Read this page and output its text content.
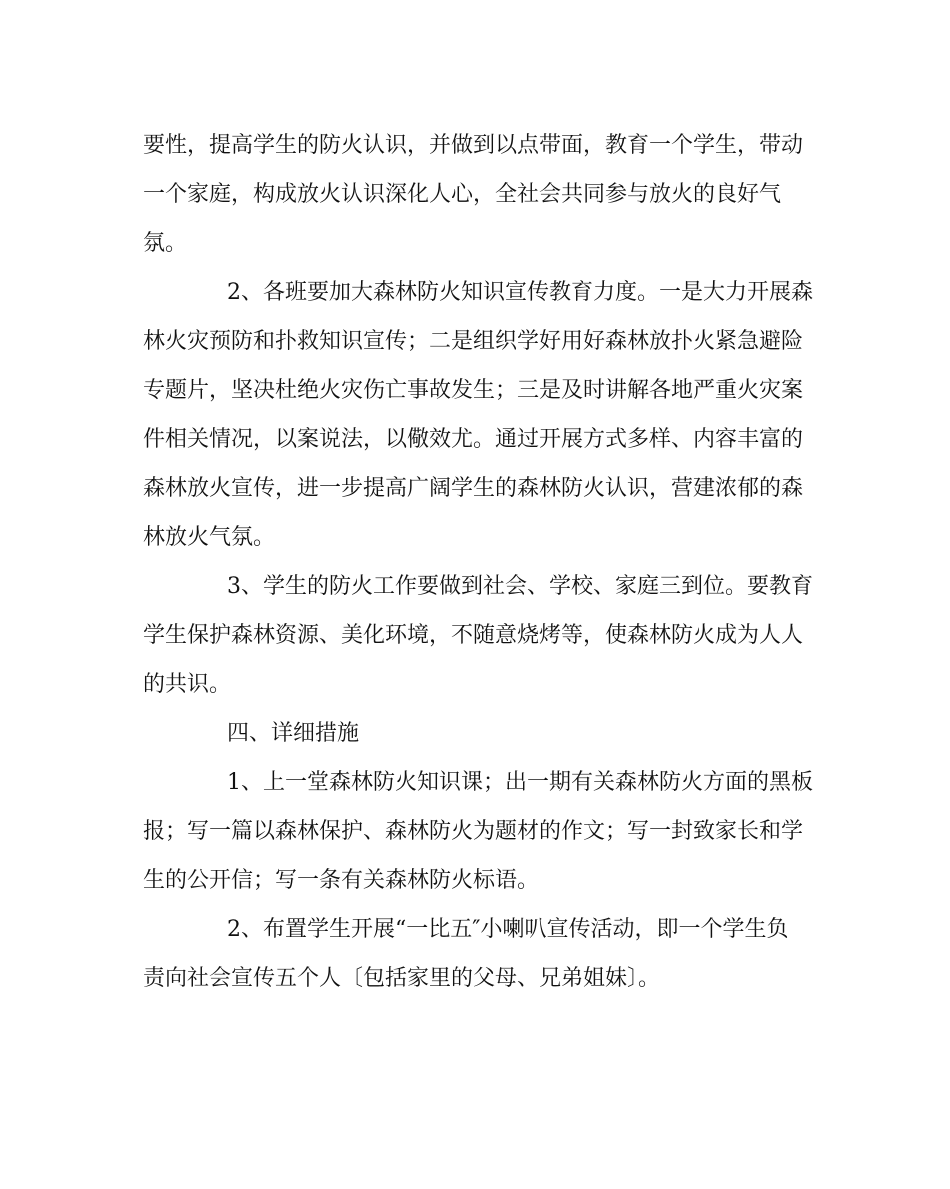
要性，提高学生的防火认识，并做到以点带面，教育一个学生，带动
一个家庭，构成放火认识深化人心，全社会共同参与放火的良好气
氛。
2、各班要加大森林防火知识宣传教育力度。一是大力开展森
林火灾预防和扑救知识宣传；二是组织学好用好森林放扑火紧急避险
专题片，坚决杜绝火灾伤亡事故发生；三是及时讲解各地严重火灾案
件相关情况，以案说法，以儆效尤。通过开展方式多样、内容丰富的
森林放火宣传，进一步提高广阔学生的森林防火认识，营建浓郁的森
林放火气氛。
3、学生的防火工作要做到社会、学校、家庭三到位。要教育
学生保护森林资源、美化环境，不随意烧烤等，使森林防火成为人人
的共识。
四、详细措施
1、上一堂森林防火知识课；出一期有关森林防火方面的黑板
报；写一篇以森林保护、森林防火为题材的作文；写一封致家长和学
生的公开信；写一条有关森林防火标语。
2、布置学生开展“一比五″小喇叭宣传活动，即一个学生负
责向社会宣传五个人〔包括家里的父母、兄弟姐妹〕。
